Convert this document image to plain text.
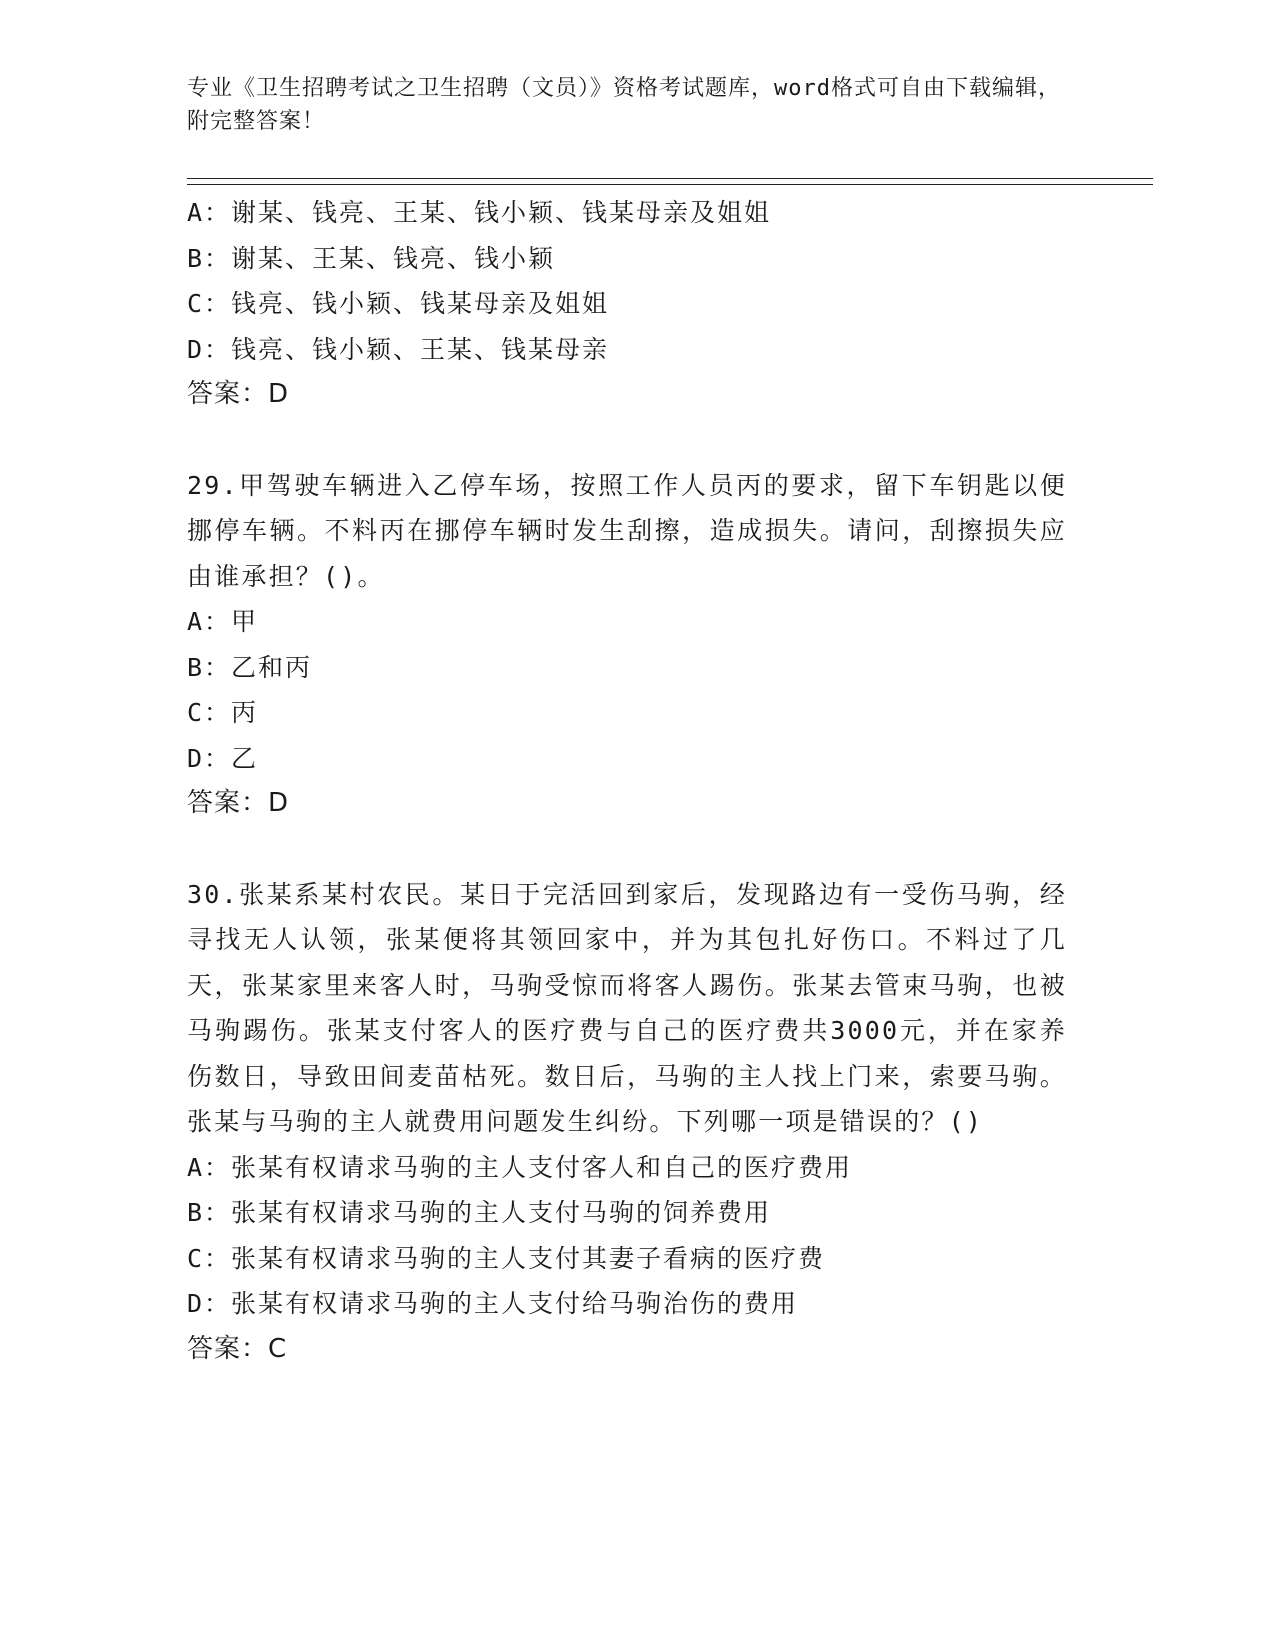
专业《卫生招聘考试之卫生招聘（文员）》资格考试题库，word格式可自由下载编辑，附完整答案！
A：谢某、钱亮、王某、钱小颖、钱某母亲及姐姐
B：谢某、王某、钱亮、钱小颖
C：钱亮、钱小颖、钱某母亲及姐姐
D：钱亮、钱小颖、王某、钱某母亲
答案：D
29.甲驾驶车辆进入乙停车场，按照工作人员丙的要求，留下车钥匙以便挪停车辆。不料丙在挪停车辆时发生刮擦，造成损失。请问，刮擦损失应由谁承担？()。
A：甲
B：乙和丙
C：丙
D：乙
答案：D
30.张某系某村农民。某日于完活回到家后，发现路边有一受伤马驹，经寻找无人认领，张某便将其领回家中，并为其包扎好伤口。不料过了几天，张某家里来客人时，马驹受惊而将客人踢伤。张某去管束马驹，也被马驹踢伤。张某支付客人的医疗费与自己的医疗费共3000元，并在家养伤数日，导致田间麦苗枯死。数日后，马驹的主人找上门来，索要马驹。张某与马驹的主人就费用问题发生纠纷。下列哪一项是错误的？()
A：张某有权请求马驹的主人支付客人和自己的医疗费用
B：张某有权请求马驹的主人支付马驹的饲养费用
C：张某有权请求马驹的主人支付其妻子看病的医疗费
D：张某有权请求马驹的主人支付给马驹治伤的费用
答案：C
